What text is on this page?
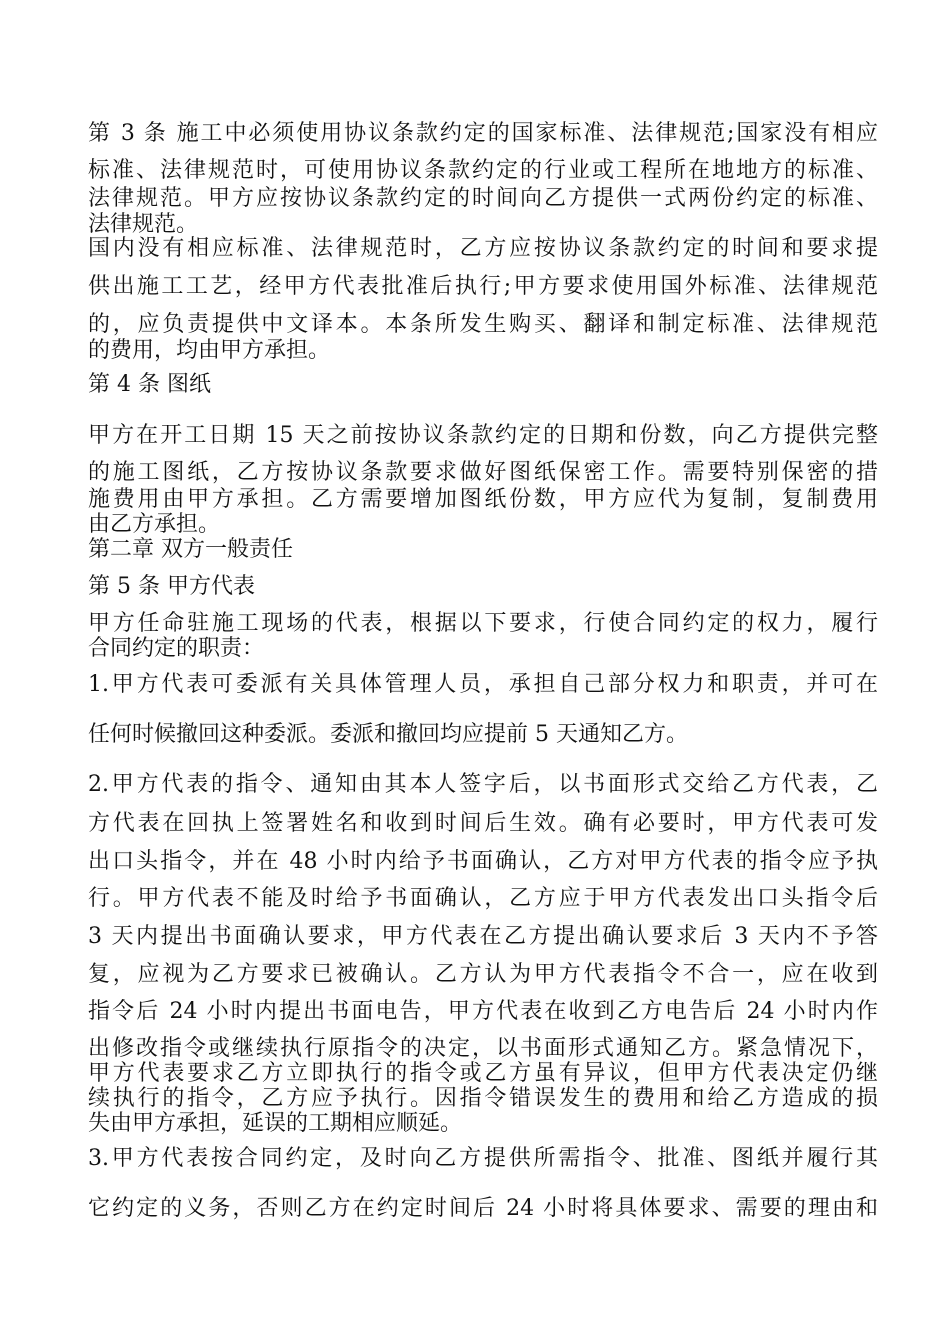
第 3 条 施工中必须使用协议条款约定的国家标准、法律规范;国家没有相应
标准、法律规范时，可使用协议条款约定的行业或工程所在地地方的标准、
法律规范。甲方应按协议条款约定的时间向乙方提供一式两份约定的标准、
法律规范。
国内没有相应标准、法律规范时，乙方应按协议条款约定的时间和要求提
供出施工工艺，经甲方代表批准后执行;甲方要求使用国外标准、法律规范
的，应负责提供中文译本。本条所发生购买、翻译和制定标准、法律规范
的费用，均由甲方承担。
第 4 条 图纸
甲方在开工日期 15 天之前按协议条款约定的日期和份数，向乙方提供完整
的施工图纸，乙方按协议条款要求做好图纸保密工作。需要特别保密的措
施费用由甲方承担。乙方需要增加图纸份数，甲方应代为复制，复制费用
由乙方承担。
第二章 双方一般责任
第 5 条 甲方代表
甲方任命驻施工现场的代表，根据以下要求，行使合同约定的权力，履行
合同约定的职责：
1.甲方代表可委派有关具体管理人员，承担自己部分权力和职责，并可在
任何时候撤回这种委派。委派和撤回均应提前 5 天通知乙方。
2.甲方代表的指令、通知由其本人签字后，以书面形式交给乙方代表，乙
方代表在回执上签署姓名和收到时间后生效。确有必要时，甲方代表可发
出口头指令，并在 48 小时内给予书面确认，乙方对甲方代表的指令应予执
行。甲方代表不能及时给予书面确认，乙方应于甲方代表发出口头指令后
3 天内提出书面确认要求，甲方代表在乙方提出确认要求后 3 天内不予答
复，应视为乙方要求已被确认。乙方认为甲方代表指令不合一，应在收到
指令后 24 小时内提出书面电告，甲方代表在收到乙方电告后 24 小时内作
出修改指令或继续执行原指令的决定，以书面形式通知乙方。紧急情况下，
甲方代表要求乙方立即执行的指令或乙方虽有异议，但甲方代表决定仍继
续执行的指令，乙方应予执行。因指令错误发生的费用和给乙方造成的损
失由甲方承担，延误的工期相应顺延。
3.甲方代表按合同约定，及时向乙方提供所需指令、批准、图纸并履行其
它约定的义务，否则乙方在约定时间后 24 小时将具体要求、需要的理由和
